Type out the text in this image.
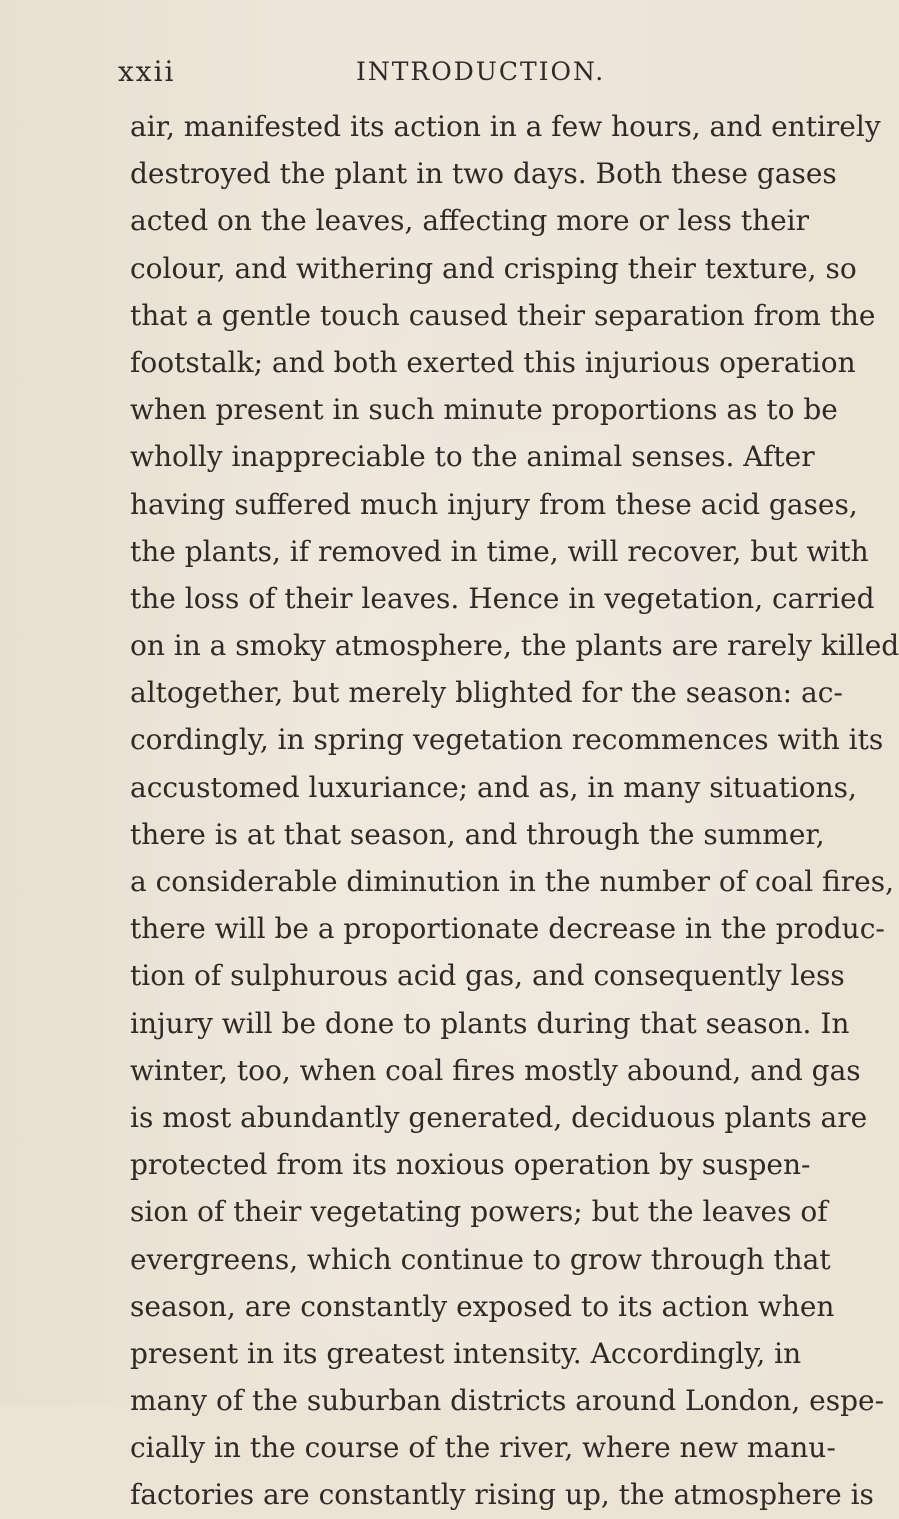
xxii	INTRODUCTION.
air, manifested its action in a few hours, and entirely
destroyed the plant in two days. Both these gases
acted on the leaves, affecting more or less their
colour, and withering and crisping their texture, so
that a gentle touch caused their separation from the
footstalk; and both exerted this injurious operation
when present in such minute proportions as to be
wholly inappreciable to the animal senses. After
having suffered much injury from these acid gases,
the plants, if removed in time, will recover, but with
the loss of their leaves. Hence in vegetation, carried
on in a smoky atmosphere, the plants are rarely killed
altogether, but merely blighted for the season: ac-
cordingly, in spring vegetation recommences with its
accustomed luxuriance; and as, in many situations,
there is at that season, and through the summer,
a considerable diminution in the number of coal fires,
there will be a proportionate decrease in the produc-
tion of sulphurous acid gas, and consequently less
injury will be done to plants during that season. In
winter, too, when coal fires mostly abound, and gas
is most abundantly generated, deciduous plants are
protected from its noxious operation by suspen-
sion of their vegetating powers; but the leaves of
evergreens, which continue to grow through that
season, are constantly exposed to its action when
present in its greatest intensity. Accordingly, in
many of the suburban districts around London, espe-
cially in the course of the river, where new manu-
factories are constantly rising up, the atmosphere is
